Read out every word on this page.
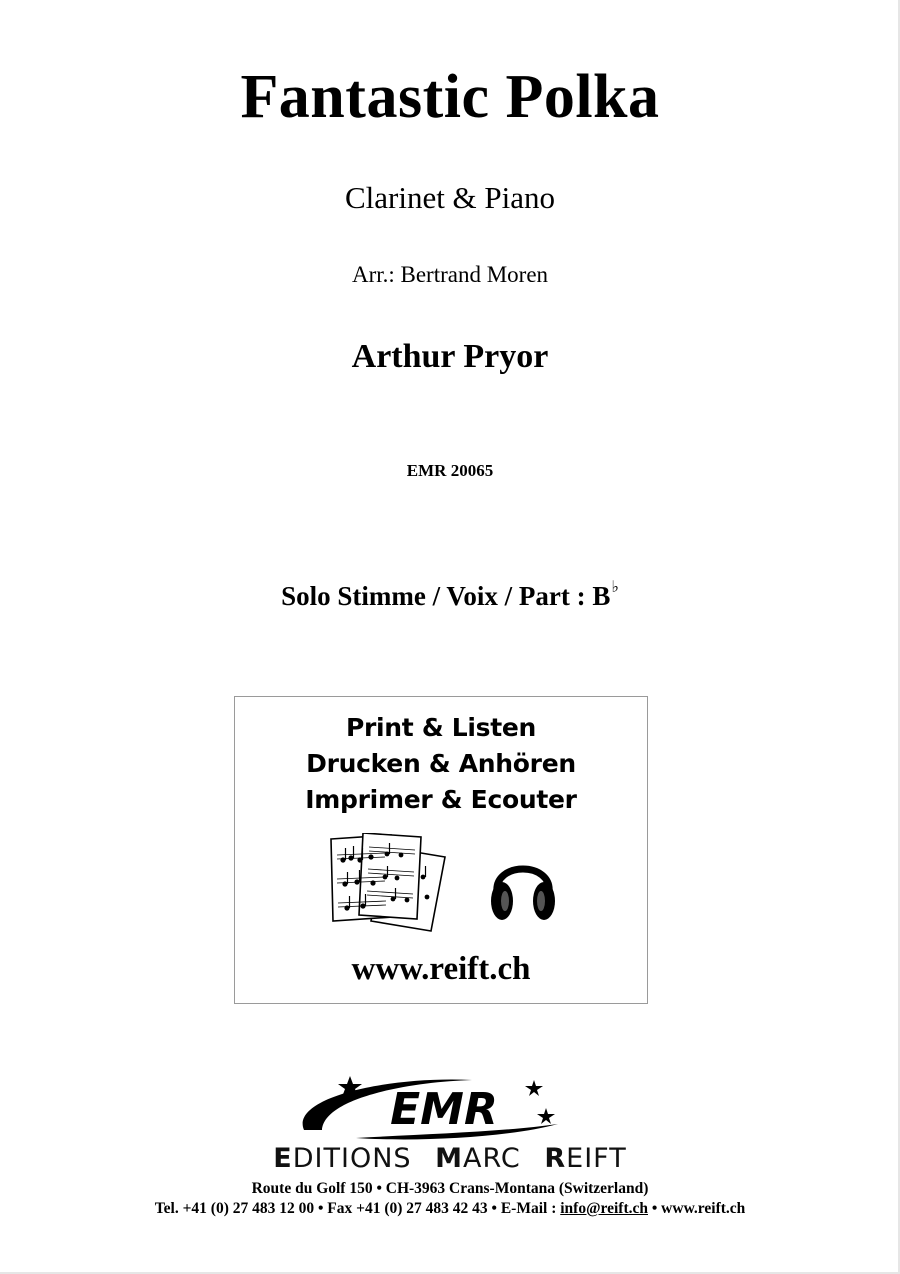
Fantastic Polka
Clarinet & Piano
Arr.: Bertrand Moren
Arthur Pryor
EMR 20065
Solo Stimme / Voix / Part : B♭
Print & Listen
Drucken & Anhören
Imprimer & Ecouter
www.reift.ch
EMR
EDITIONS MARC REIFT
Route du Golf 150 • CH-3963 Crans-Montana (Switzerland)
Tel. +41 (0) 27 483 12 00 • Fax +41 (0) 27 483 42 43 • E-Mail : info@reift.ch • www.reift.ch
